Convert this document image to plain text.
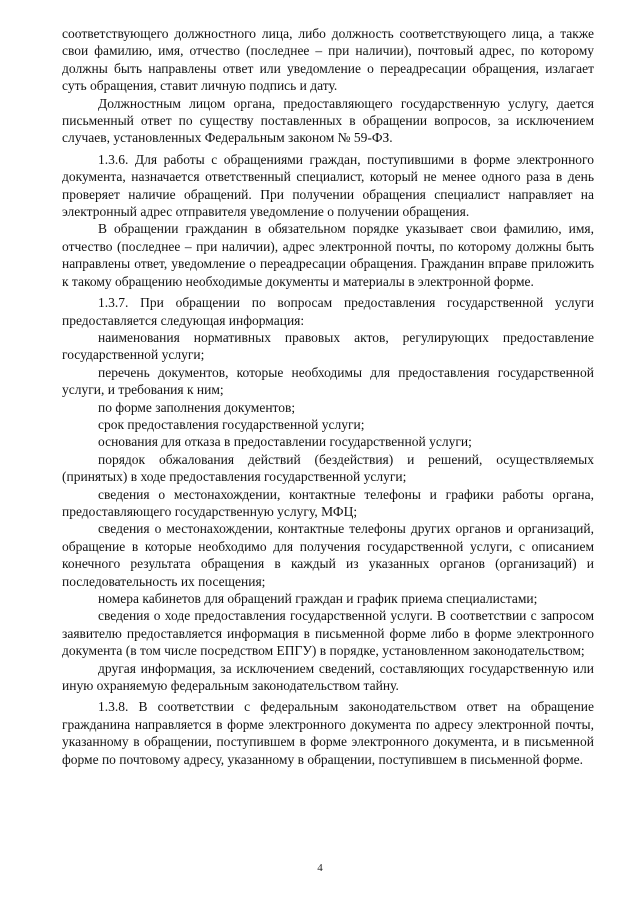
соответствующего должностного лица, либо должность соответствующего лица, а также свои фамилию, имя, отчество (последнее – при наличии), почтовый адрес, по которому должны быть направлены ответ или уведомление о переадресации обращения, излагает суть обращения, ставит личную подпись и дату.

Должностным лицом органа, предоставляющего государственную услугу, дается письменный ответ по существу поставленных в обращении вопросов, за исключением случаев, установленных Федеральным законом № 59-ФЗ.

1.3.6. Для работы с обращениями граждан, поступившими в форме электронного документа, назначается ответственный специалист, который не менее одного раза в день проверяет наличие обращений. При получении обращения специалист направляет на электронный адрес отправителя уведомление о получении обращения.

В обращении гражданин в обязательном порядке указывает свои фамилию, имя, отчество (последнее – при наличии), адрес электронной почты, по которому должны быть направлены ответ, уведомление о переадресации обращения. Гражданин вправе приложить к такому обращению необходимые документы и материалы в электронной форме.

1.3.7. При обращении по вопросам предоставления государственной услуги предоставляется следующая информация:

наименования нормативных правовых актов, регулирующих предоставление государственной услуги;

перечень документов, которые необходимы для предоставления государственной услуги, и требования к ним;

по форме заполнения документов;

срок предоставления государственной услуги;

основания для отказа в предоставлении государственной услуги;

порядок обжалования действий (бездействия) и решений, осуществляемых (принятых) в ходе предоставления государственной услуги;

сведения о местонахождении, контактные телефоны и графики работы органа, предоставляющего государственную услугу, МФЦ;

сведения о местонахождении, контактные телефоны других органов и организаций, обращение в которые необходимо для получения государственной услуги, с описанием конечного результата обращения в каждый из указанных органов (организаций) и последовательность их посещения;

номера кабинетов для обращений граждан и график приема специалистами;

сведения о ходе предоставления государственной услуги. В соответствии с запросом заявителю предоставляется информация в письменной форме либо в форме электронного документа (в том числе посредством ЕПГУ) в порядке, установленном законодательством;

другая информация, за исключением сведений, составляющих государственную или иную охраняемую федеральным законодательством тайну.

1.3.8. В соответствии с федеральным законодательством ответ на обращение гражданина направляется в форме электронного документа по адресу электронной почты, указанному в обращении, поступившем в форме электронного документа, и в письменной форме по почтовому адресу, указанному в обращении, поступившем в письменной форме.

4
